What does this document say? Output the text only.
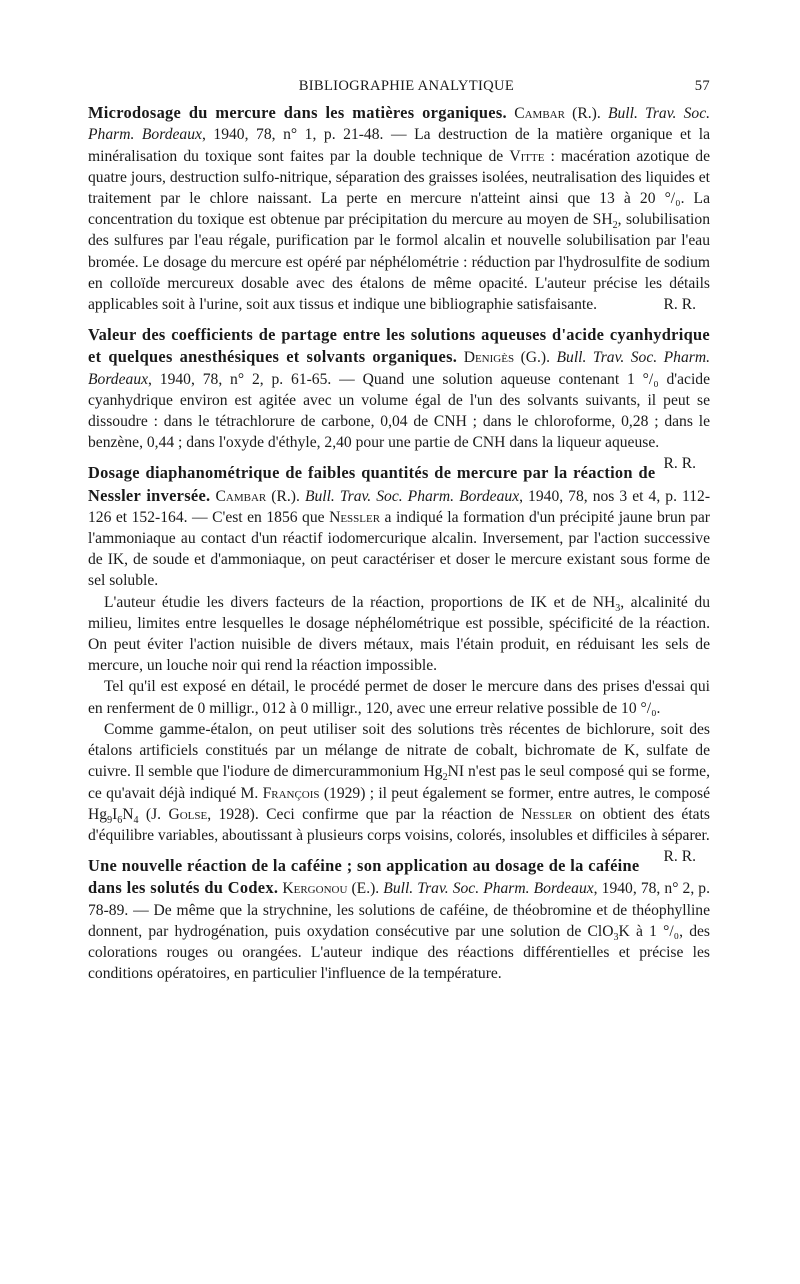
BIBLIOGRAPHIE ANALYTIQUE	57

Microdosage du mercure dans les matières organiques. Cambar (R.). Bull. Trav. Soc. Pharm. Bordeaux, 1940, 78, n° 1, p. 21-48. — La destruction de la matière organique et la minéralisation du toxique sont faites par la double technique de Vitte : macération azotique de quatre jours, destruction sulfo-nitrique, séparation des graisses isolées, neutralisation des liquides et traitement par le chlore naissant. La perte en mercure n'atteint ainsi que 13 à 20 °/₀. La concentration du toxique est obtenue par précipitation du mercure au moyen de $SH_2$, solubilisation des sulfures par l'eau régale, purification par le formol alcalin et nouvelle solubilisation par l'eau bromée. Le dosage du mercure est opéré par néphélométrie : réduction par l'hydrosulfite de sodium en colloïde mercureux dosable avec des étalons de même opacité. L'auteur précise les détails applicables soit à l'urine, soit aux tissus et indique une bibliographie satisfaisante.	R. R.

Valeur des coefficients de partage entre les solutions aqueuses d'acide cyanhydrique et quelques anesthésiques et solvants organiques. Denigès (G.). Bull. Trav. Soc. Pharm. Bordeaux, 1940, 78, n° 2, p. 61-65. — Quand une solution aqueuse contenant 1 °/₀ d'acide cyanhydrique environ est agitée avec un volume égal de l'un des solvants suivants, il peut se dissoudre : dans le tétrachlorure de carbone, 0,04 de CNH ; dans le chloroforme, 0,28 ; dans le benzène, 0,44 ; dans l'oxyde d'éthyle, 2,40 pour une partie de CNH dans la liqueur aqueuse.
R. R.

Dosage diaphanométrique de faibles quantités de mercure par la réaction de Nessler inversée. Cambar (R.). Bull. Trav. Soc. Pharm. Bordeaux, 1940, 78, nos 3 et 4, p. 112-126 et 152-164. — C'est en 1856 que Nessler a indiqué la formation d'un précipité jaune brun par l'ammoniaque au contact d'un réactif iodomercurique alcalin. Inversement, par l'action successive de IK, de soude et d'ammoniaque, on peut caractériser et doser le mercure existant sous forme de sel soluble.

L'auteur étudie les divers facteurs de la réaction, proportions de IK et de $NH_3$, alcalinité du milieu, limites entre lesquelles le dosage néphélométrique est possible, spécificité de la réaction. On peut éviter l'action nuisible de divers métaux, mais l'étain produit, en réduisant les sels de mercure, un louche noir qui rend la réaction impossible.

Tel qu'il est exposé en détail, le procédé permet de doser le mercure dans des prises d'essai qui en renferment de 0 milligr., 012 à 0 milligr., 120, avec une erreur relative possible de 10 °/₀.

Comme gamme-étalon, on peut utiliser soit des solutions très récentes de bichlorure, soit des étalons artificiels constitués par un mélange de nitrate de cobalt, bichromate de K, sulfate de cuivre. Il semble que l'iodure de dimercurammonium $Hg_2NI$ n'est pas le seul composé qui se forme, ce qu'avait déjà indiqué M. François (1929) ; il peut également se former, entre autres, le composé $Hg_9I_6N_4$ (J. Golse, 1928). Ceci confirme que par la réaction de Nessler on obtient des états d'équilibre variables, aboutissant à plusieurs corps voisins, colorés, insolubles et difficiles à séparer.
R. R.

Une nouvelle réaction de la caféine ; son application au dosage de la caféine dans les solutés du Codex. Kergonou (E.). Bull. Trav. Soc. Pharm. Bordeaux, 1940, 78, n° 2, p. 78-89. — De même que la strychnine, les solutions de caféine, de théobromine et de théophylline donnent, par hydrogénation, puis oxydation consécutive par une solution de ClO$_3$K à 1 °/₀, des colorations rouges ou orangées. L'auteur indique des réactions différentielles et précise les conditions opératoires, en particulier l'influence de la température.
